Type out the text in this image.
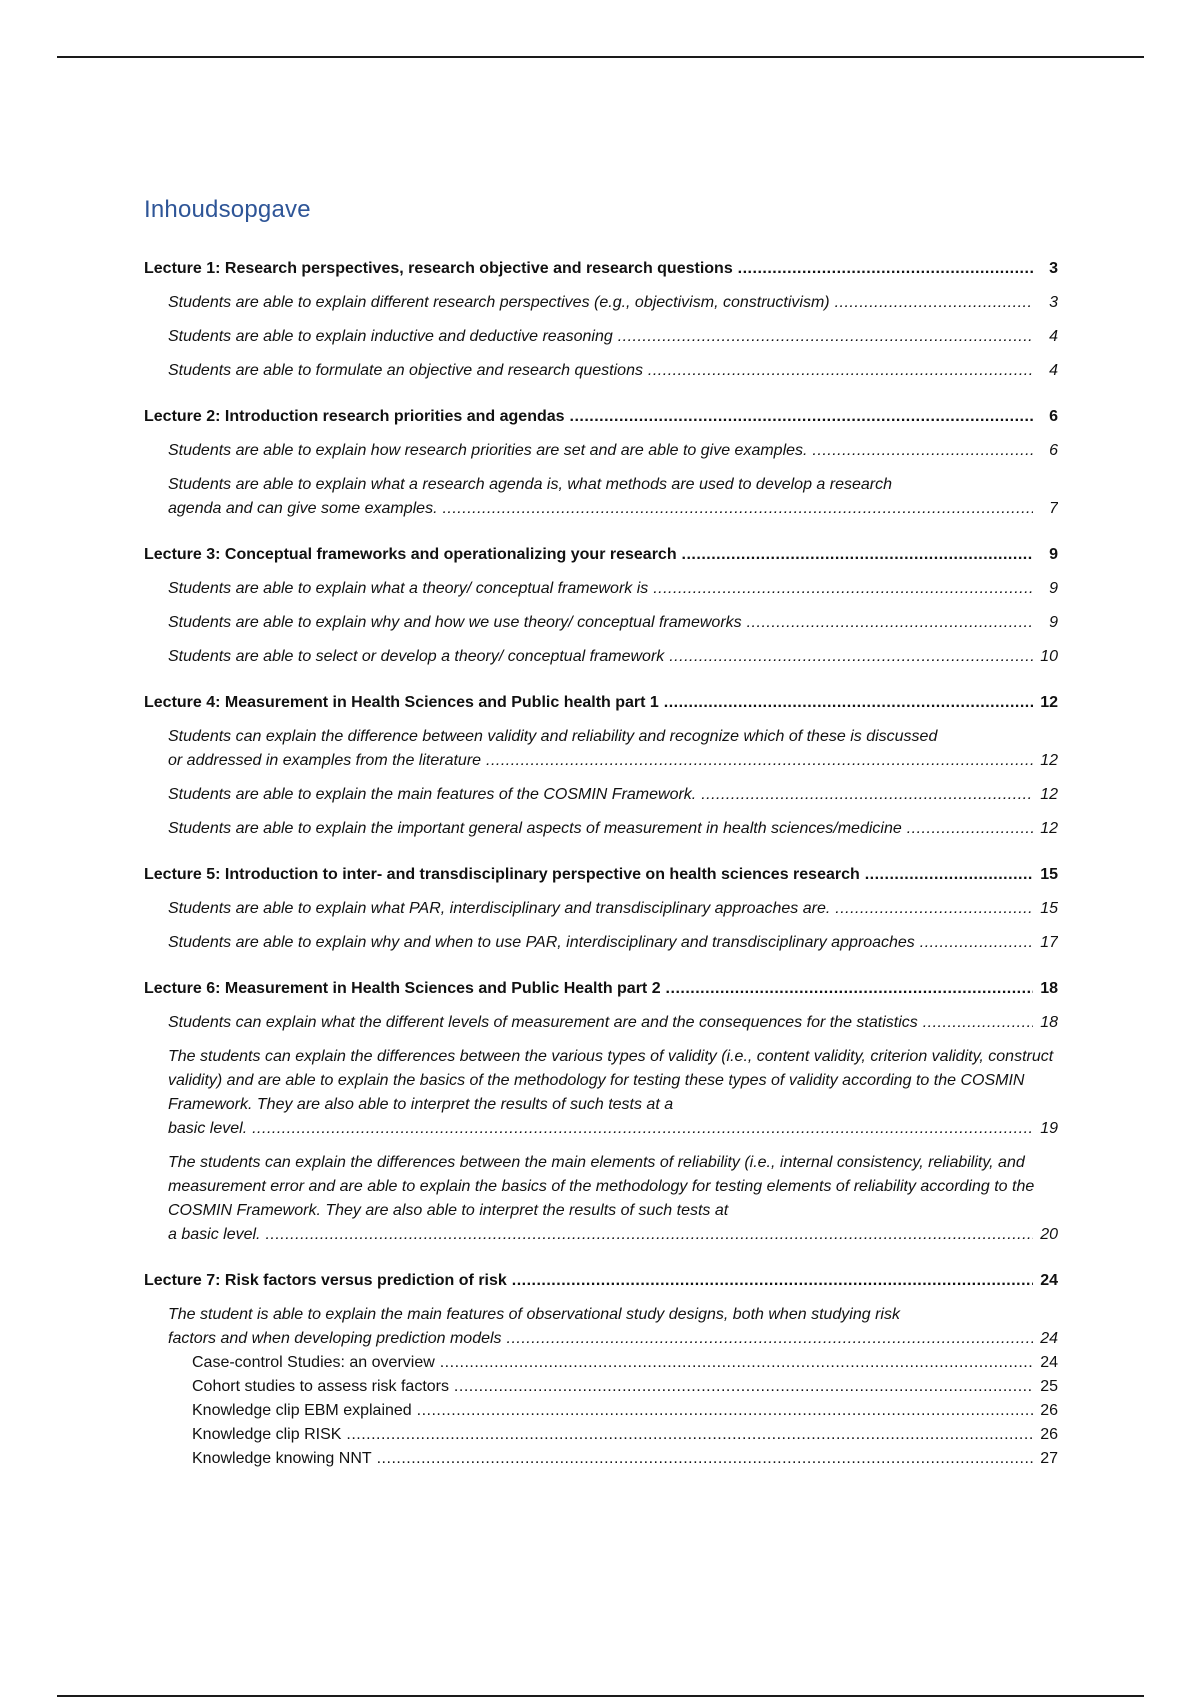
Inhoudsopgave
Lecture 1: Research perspectives, research objective and research questions .....	3
Students are able to explain different research perspectives (e.g., objectivism, constructivism) .....	3
Students are able to explain inductive and deductive reasoning .....	4
Students are able to formulate an objective and research questions .....	4
Lecture 2: Introduction research priorities and agendas .....	6
Students are able to explain how research priorities are set and are able to give examples. .....	6
Students are able to explain what a research agenda is, what methods are used to develop a research
agenda and can give some examples. .....	7
Lecture 3: Conceptual frameworks and operationalizing your research .....	9
Students are able to explain what a theory/ conceptual framework is .....	9
Students are able to explain why and how we use theory/ conceptual frameworks .....	9
Students are able to select or develop a theory/ conceptual framework .....	10
Lecture 4: Measurement in Health Sciences and Public health part 1 .....	12
Students can explain the difference between validity and reliability and recognize which of these is discussed
or addressed in examples from the literature .....	12
Students are able to explain the main features of the COSMIN Framework. .....	12
Students are able to explain the important general aspects of measurement in health sciences/medicine .....	12
Lecture 5: Introduction to inter- and transdisciplinary perspective on health sciences research .....	15
Students are able to explain what PAR, interdisciplinary and transdisciplinary approaches are. .....	15
Students are able to explain why and when to use PAR, interdisciplinary and transdisciplinary approaches .....	17
Lecture 6: Measurement in Health Sciences and Public Health part 2 .....	18
Students can explain what the different levels of measurement are and the consequences for the statistics .....	18
The students can explain the differences between the various types of validity (i.e., content validity, criterion validity, construct validity) and are able to explain the basics of the methodology for testing these types of validity according to the COSMIN Framework. They are also able to interpret the results of such tests at a
basic level. .....	19
The students can explain the differences between the main elements of reliability (i.e., internal consistency, reliability, and measurement error and are able to explain the basics of the methodology for testing elements of reliability according to the COSMIN Framework. They are also able to interpret the results of such tests at
a basic level. .....	20
Lecture 7: Risk factors versus prediction of risk .....	24
The student is able to explain the main features of observational study designs, both when studying risk
factors and when developing prediction models .....	24
Case-control Studies: an overview .....	24
Cohort studies to assess risk factors .....	25
Knowledge clip EBM explained .....	26
Knowledge clip RISK .....	26
Knowledge knowing NNT .....	27
